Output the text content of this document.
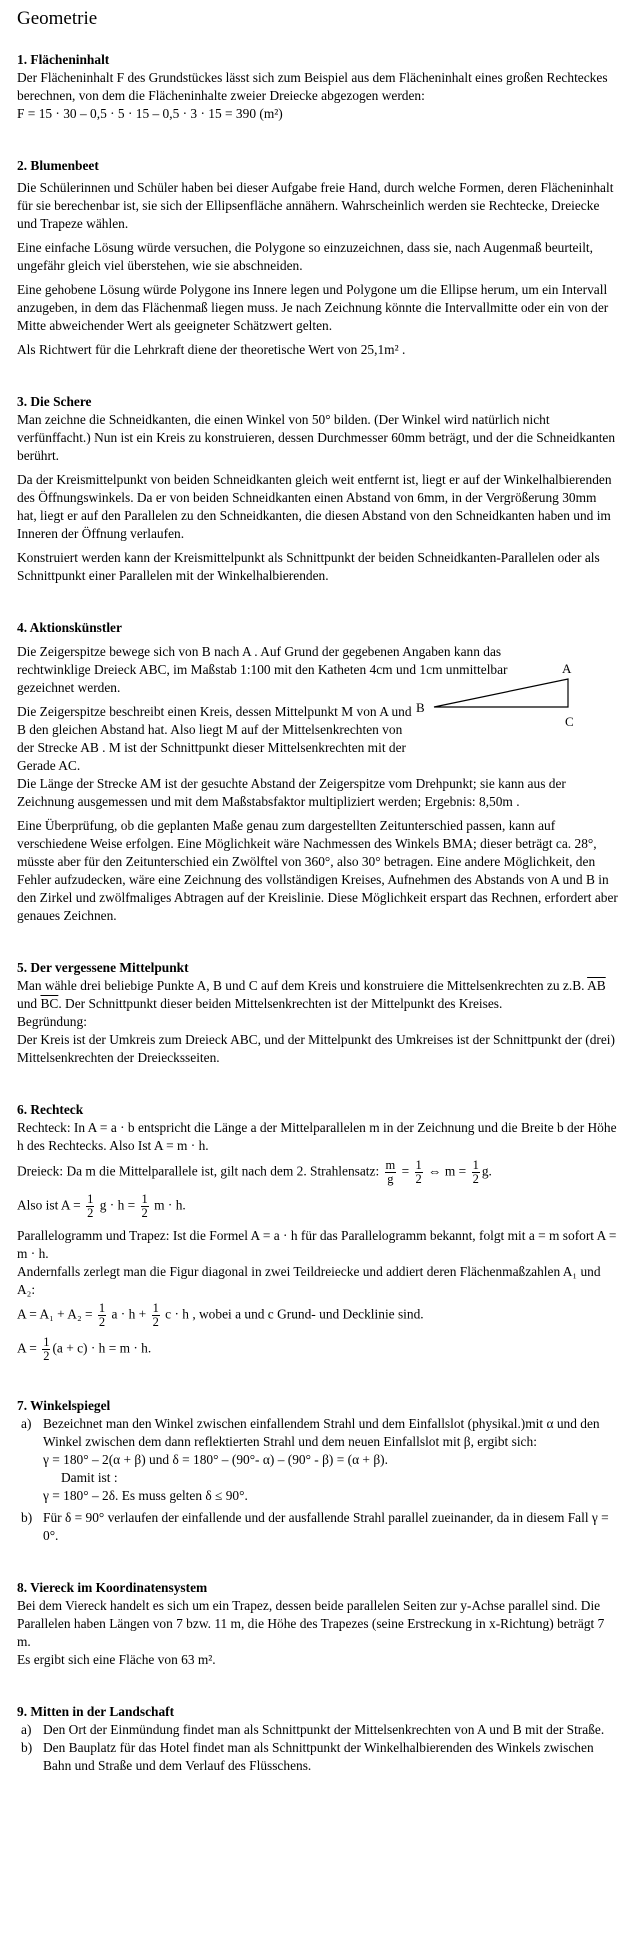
Geometrie
1. Flächeninhalt

Der Flächeninhalt F des Grundstückes lässt sich zum Beispiel aus dem Flächeninhalt eines großen Rechteckes berechnen, von dem die Flächeninhalte zweier Dreiecke abgezogen werden:

F = 15 · 30 – 0,5 · 5 · 15 – 0,5 · 3 · 15 = 390 (m²)

2. Blumenbeet

Die Schülerinnen und Schüler haben bei dieser Aufgabe freie Hand, durch welche Formen, deren Flächeninhalt für sie berechenbar ist, sie sich der Ellipsenfläche annähern. Wahrscheinlich werden sie Rechtecke, Dreiecke und Trapeze wählen.

Eine einfache Lösung würde versuchen, die Polygone so einzuzeichnen, dass sie, nach Augenmaß beurteilt, ungefähr gleich viel überstehen, wie sie abschneiden.

Eine gehobene Lösung würde Polygone ins Innere legen und Polygone um die Ellipse herum, um ein Intervall anzugeben, in dem das Flächenmaß liegen muss. Je nach Zeichnung könnte die Intervallmitte oder ein von der Mitte abweichender Wert als geeigneter Schätzwert gelten.

Als Richtwert für die Lehrkraft diene der theoretische Wert von 25,1m² .

3. Die Schere

Man zeichne die Schneidkanten, die einen Winkel von 50° bilden. (Der Winkel wird natürlich nicht verfünffacht.) Nun ist ein Kreis zu konstruieren, dessen Durchmesser 60mm beträgt, und der die Schneidkanten berührt.

Da der Kreismittelpunkt von beiden Schneidkanten gleich weit entfernt ist, liegt er auf der Winkelhalbierenden des Öffnungswinkels. Da er von beiden Schneidkanten einen Abstand von 6mm, in der Vergrößerung 30mm hat, liegt er auf den Parallelen zu den Schneidkanten, die diesen Abstand von den Schneidkanten haben und im Inneren der Öffnung verlaufen.

Konstruiert werden kann der Kreismittelpunkt als Schnittpunkt der beiden Schneidkanten-Parallelen oder als Schnittpunkt einer Parallelen mit der Winkelhalbierenden.

4. Aktionskünstler
A
B
C

Die Zeigerspitze bewege sich von B nach A . Auf Grund der gegebenen Angaben kann das rechtwinklige Dreieck ABC, im Maßstab 1:100 mit den Katheten 4cm und 1cm unmittelbar gezeichnet werden.

Die Zeigerspitze beschreibt einen Kreis, dessen Mittelpunkt M von A und B den gleichen Abstand hat. Also liegt M auf der Mittelsenkrechten von der Strecke AB . M ist der Schnittpunkt dieser Mittelsenkrechten mit der Gerade AC.

Die Länge der Strecke AM ist der gesuchte Abstand der Zeigerspitze vom Drehpunkt; sie kann aus der Zeichnung ausgemessen und mit dem Maßstabsfaktor multipliziert werden; Ergebnis: 8,50m .

Eine Überprüfung, ob die geplanten Maße genau zum dargestellten Zeitunterschied passen, kann auf verschiedene Weise erfolgen. Eine Möglichkeit wäre Nachmessen des Winkels BMA; dieser beträgt ca. 28°, müsste aber für den Zeitunterschied ein Zwölftel von 360°, also 30° betragen. Eine andere Möglichkeit, den Fehler aufzudecken, wäre eine Zeichnung des vollständigen Kreises, Aufnehmen des Abstands von A und B in den Zirkel und zwölfmaliges Abtragen auf der Kreislinie. Diese Möglichkeit erspart das Rechnen, erfordert aber genaues Zeichnen.

5. Der vergessene Mittelpunkt

Man wähle drei beliebige Punkte A, B und C auf dem Kreis und konstruiere die Mittelsenkrechten zu z.B. $\overline{AB}$ und $\overline{BC}$. Der Schnittpunkt dieser beiden Mittelsenkrechten ist der Mittelpunkt des Kreises.

Begründung:

Der Kreis ist der Umkreis zum Dreieck ABC, und der Mittelpunkt des Umkreises ist der Schnittpunkt der (drei) Mittelsenkrechten der Dreiecksseiten.

6. Rechteck

Rechteck: In A = a · b entspricht die Länge a der Mittelparallelen m in der Zeichnung und die Breite b der Höhe h des Rechtecks. Also Ist A = m · h.

Dreieck: Da m die Mittelparallele ist, gilt nach dem 2. Strahlensatz: $\frac{m}{g} = \frac{1}{2}$ ⇔ $m = \frac{1}{2} g$.
Also ist $A = \frac{1}{2}$ $g \cdot h = \frac{1}{2}$ m · h.

Parallelogramm und Trapez: Ist die Formel A = a · h für das Parallelogramm bekannt, folgt mit a = m sofort A = m · h.

Andernfalls zerlegt man die Figur diagonal in zwei Teildreiecke und addiert deren Flächenmaßzahlen A₁ und A₂:

$A = A_1 + A_2 = \frac{1}{2}$ $a \cdot h + \frac{1}{2}$ c · h , wobei a und c Grund- und Decklinie sind.
$A = \frac{1}{2} (a + c) \cdot h = m \cdot h$.
7. Winkelspiegel
a) Bezeichnet man den Winkel zwischen einfallendem Strahl und dem Einfallslot (physikal.)mit α und den Winkel zwischen dem dann reflektierten Strahl und dem neuen Einfallslot mit β, ergibt sich:
γ = 180° – 2(α + β) und δ = 180° – (90°- α) – (90° - β) = (α + β).
Damit ist :
γ = 180° – 2δ. Es muss gelten δ ≤ 90°.
b) Für δ = 90° verlaufen der einfallende und der ausfallende Strahl parallel zueinander, da in diesem Fall γ = 0°.
8. Viereck im Koordinatensystem

Bei dem Viereck handelt es sich um ein Trapez, dessen beide parallelen Seiten zur y-Achse parallel sind. Die Parallelen haben Längen von 7 bzw. 11 m, die Höhe des Trapezes (seine Erstreckung in x-Richtung) beträgt 7 m.

Es ergibt sich eine Fläche von 63 m².

9. Mitten in der Landschaft
a) Den Ort der Einmündung findet man als Schnittpunkt der Mittelsenkrechten von A und B mit der Straße.
b) Den Bauplatz für das Hotel findet man als Schnittpunkt der Winkelhalbierenden des Winkels zwischen Bahn und Straße und dem Verlauf des Flüsschens.
